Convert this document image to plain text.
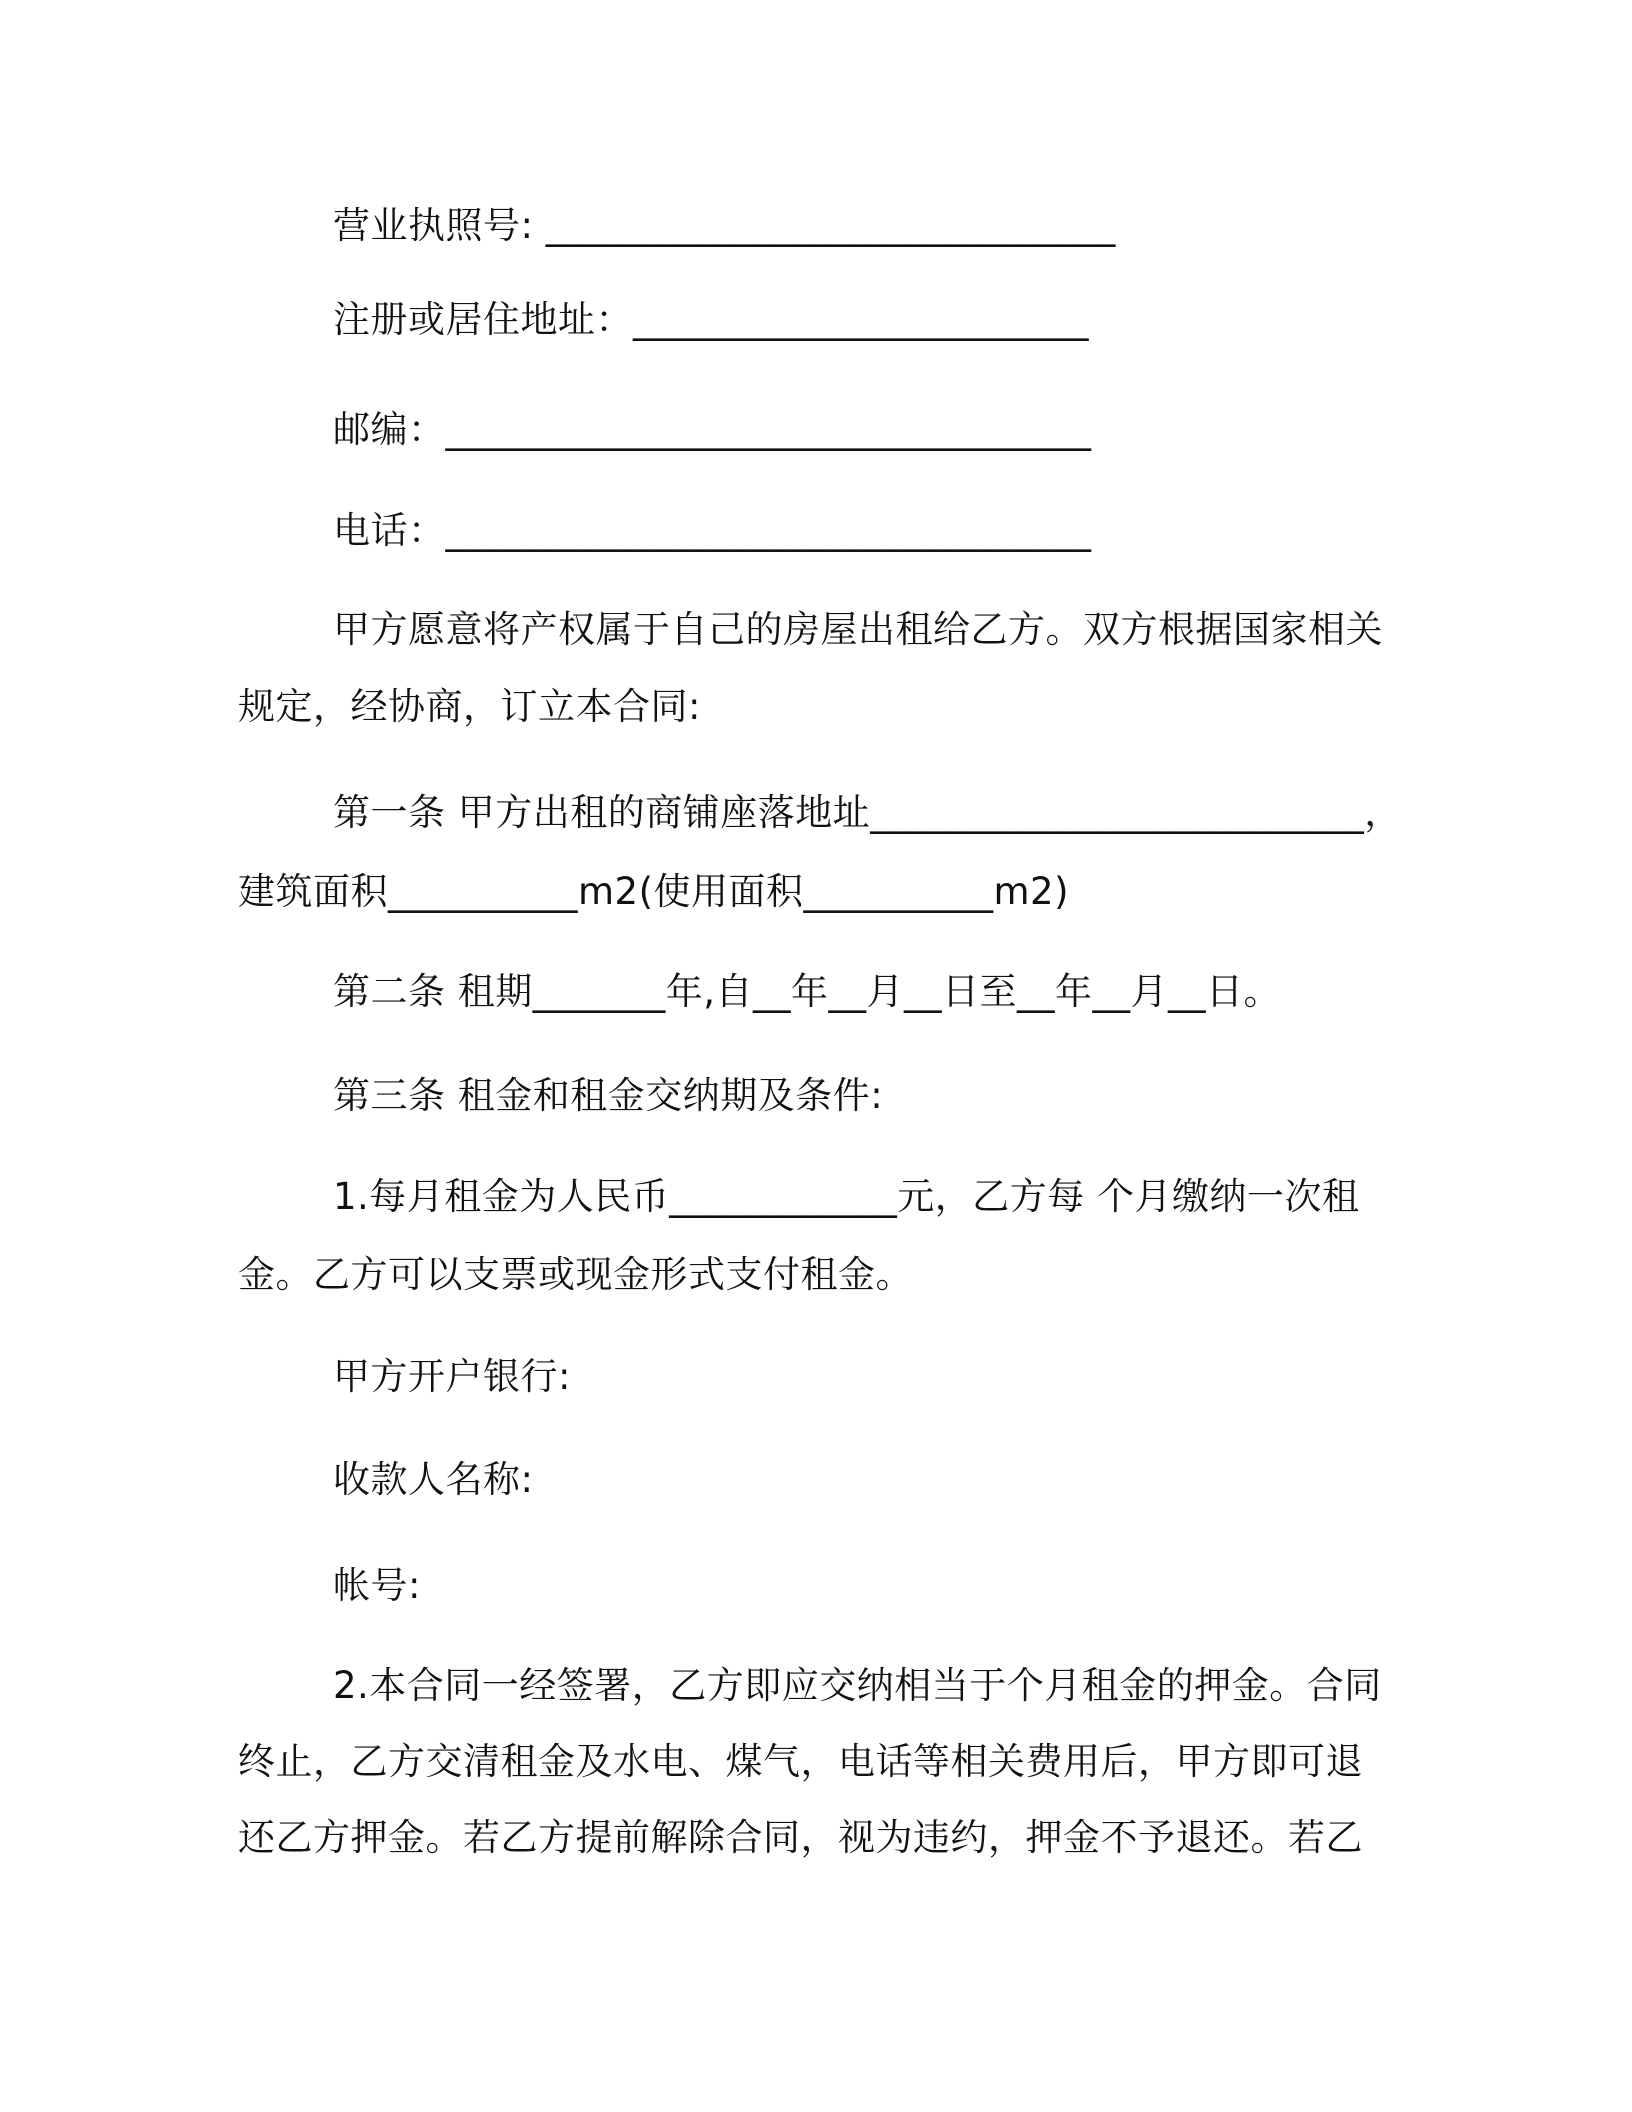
营业执照号: ______________________________
注册或居住地址：________________________
邮编：__________________________________
电话：__________________________________
甲方愿意将产权属于自己的房屋出租给乙方。双方根据国家相关
规定，经协商，订立本合同:
第一条 甲方出租的商铺座落地址__________________________，
建筑面积__________m2(使用面积__________m2)
第二条 租期_______年,自__年__月__日至__年__月__日。
第三条 租金和租金交纳期及条件:
1.每月租金为人民币____________元，乙方每 个月缴纳一次租
金。乙方可以支票或现金形式支付租金。
甲方开户银行:
收款人名称:
帐号:
2.本合同一经签署，乙方即应交纳相当于个月租金的押金。合同
终止，乙方交清租金及水电、煤气，电话等相关费用后，甲方即可退
还乙方押金。若乙方提前解除合同，视为违约，押金不予退还。若乙
